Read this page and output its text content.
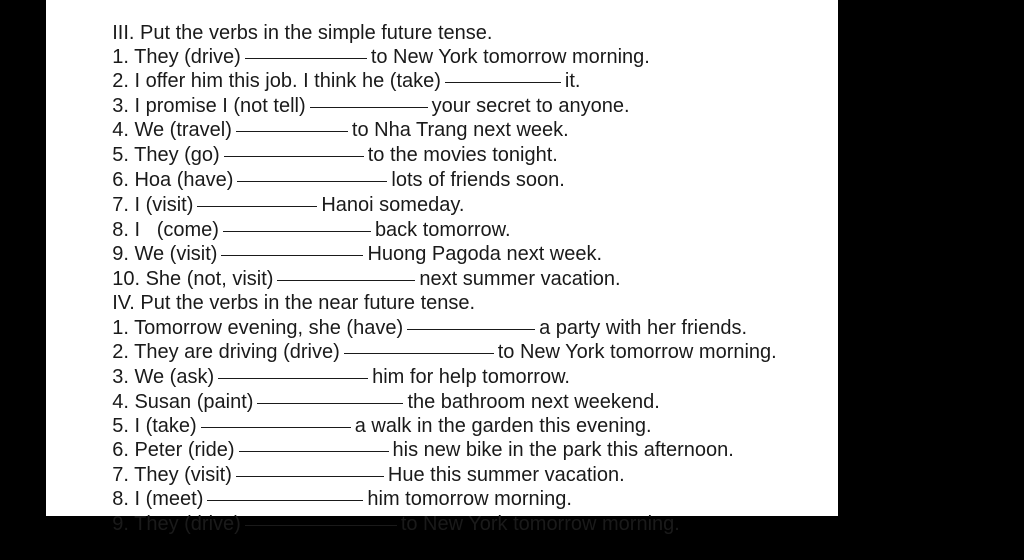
III. Put the verbs in the simple future tense.

1. They (drive)	to New York tomorrow morning.

2. I offer him this job. I think he (take)	it.

3. I promise I (not tell)	your secret to anyone.

4. We (travel)	to Nha Trang next week.

5. They (go)	to the movies tonight.

6. Hoa (have)	lots of friends soon.

7. I (visit)	Hanoi someday.

8. I   (come)	back tomorrow.

9. We (visit)	Huong Pagoda next week.

10. She (not, visit)	next summer vacation.

IV. Put the verbs in the near future tense.

1. Tomorrow evening, she (have)	a party with her friends.

2. They are driving (drive)	to New York tomorrow morning.

3. We (ask)	him for help tomorrow.

4. Susan (paint)	the bathroom next weekend.

5. I (take)	a walk in the garden this evening.

6. Peter (ride)	his new bike in the park this afternoon.

7. They (visit)	Hue this summer vacation.

8. I (meet)	him tomorrow morning.

9. They (drive)	to New York tomorrow morning.
